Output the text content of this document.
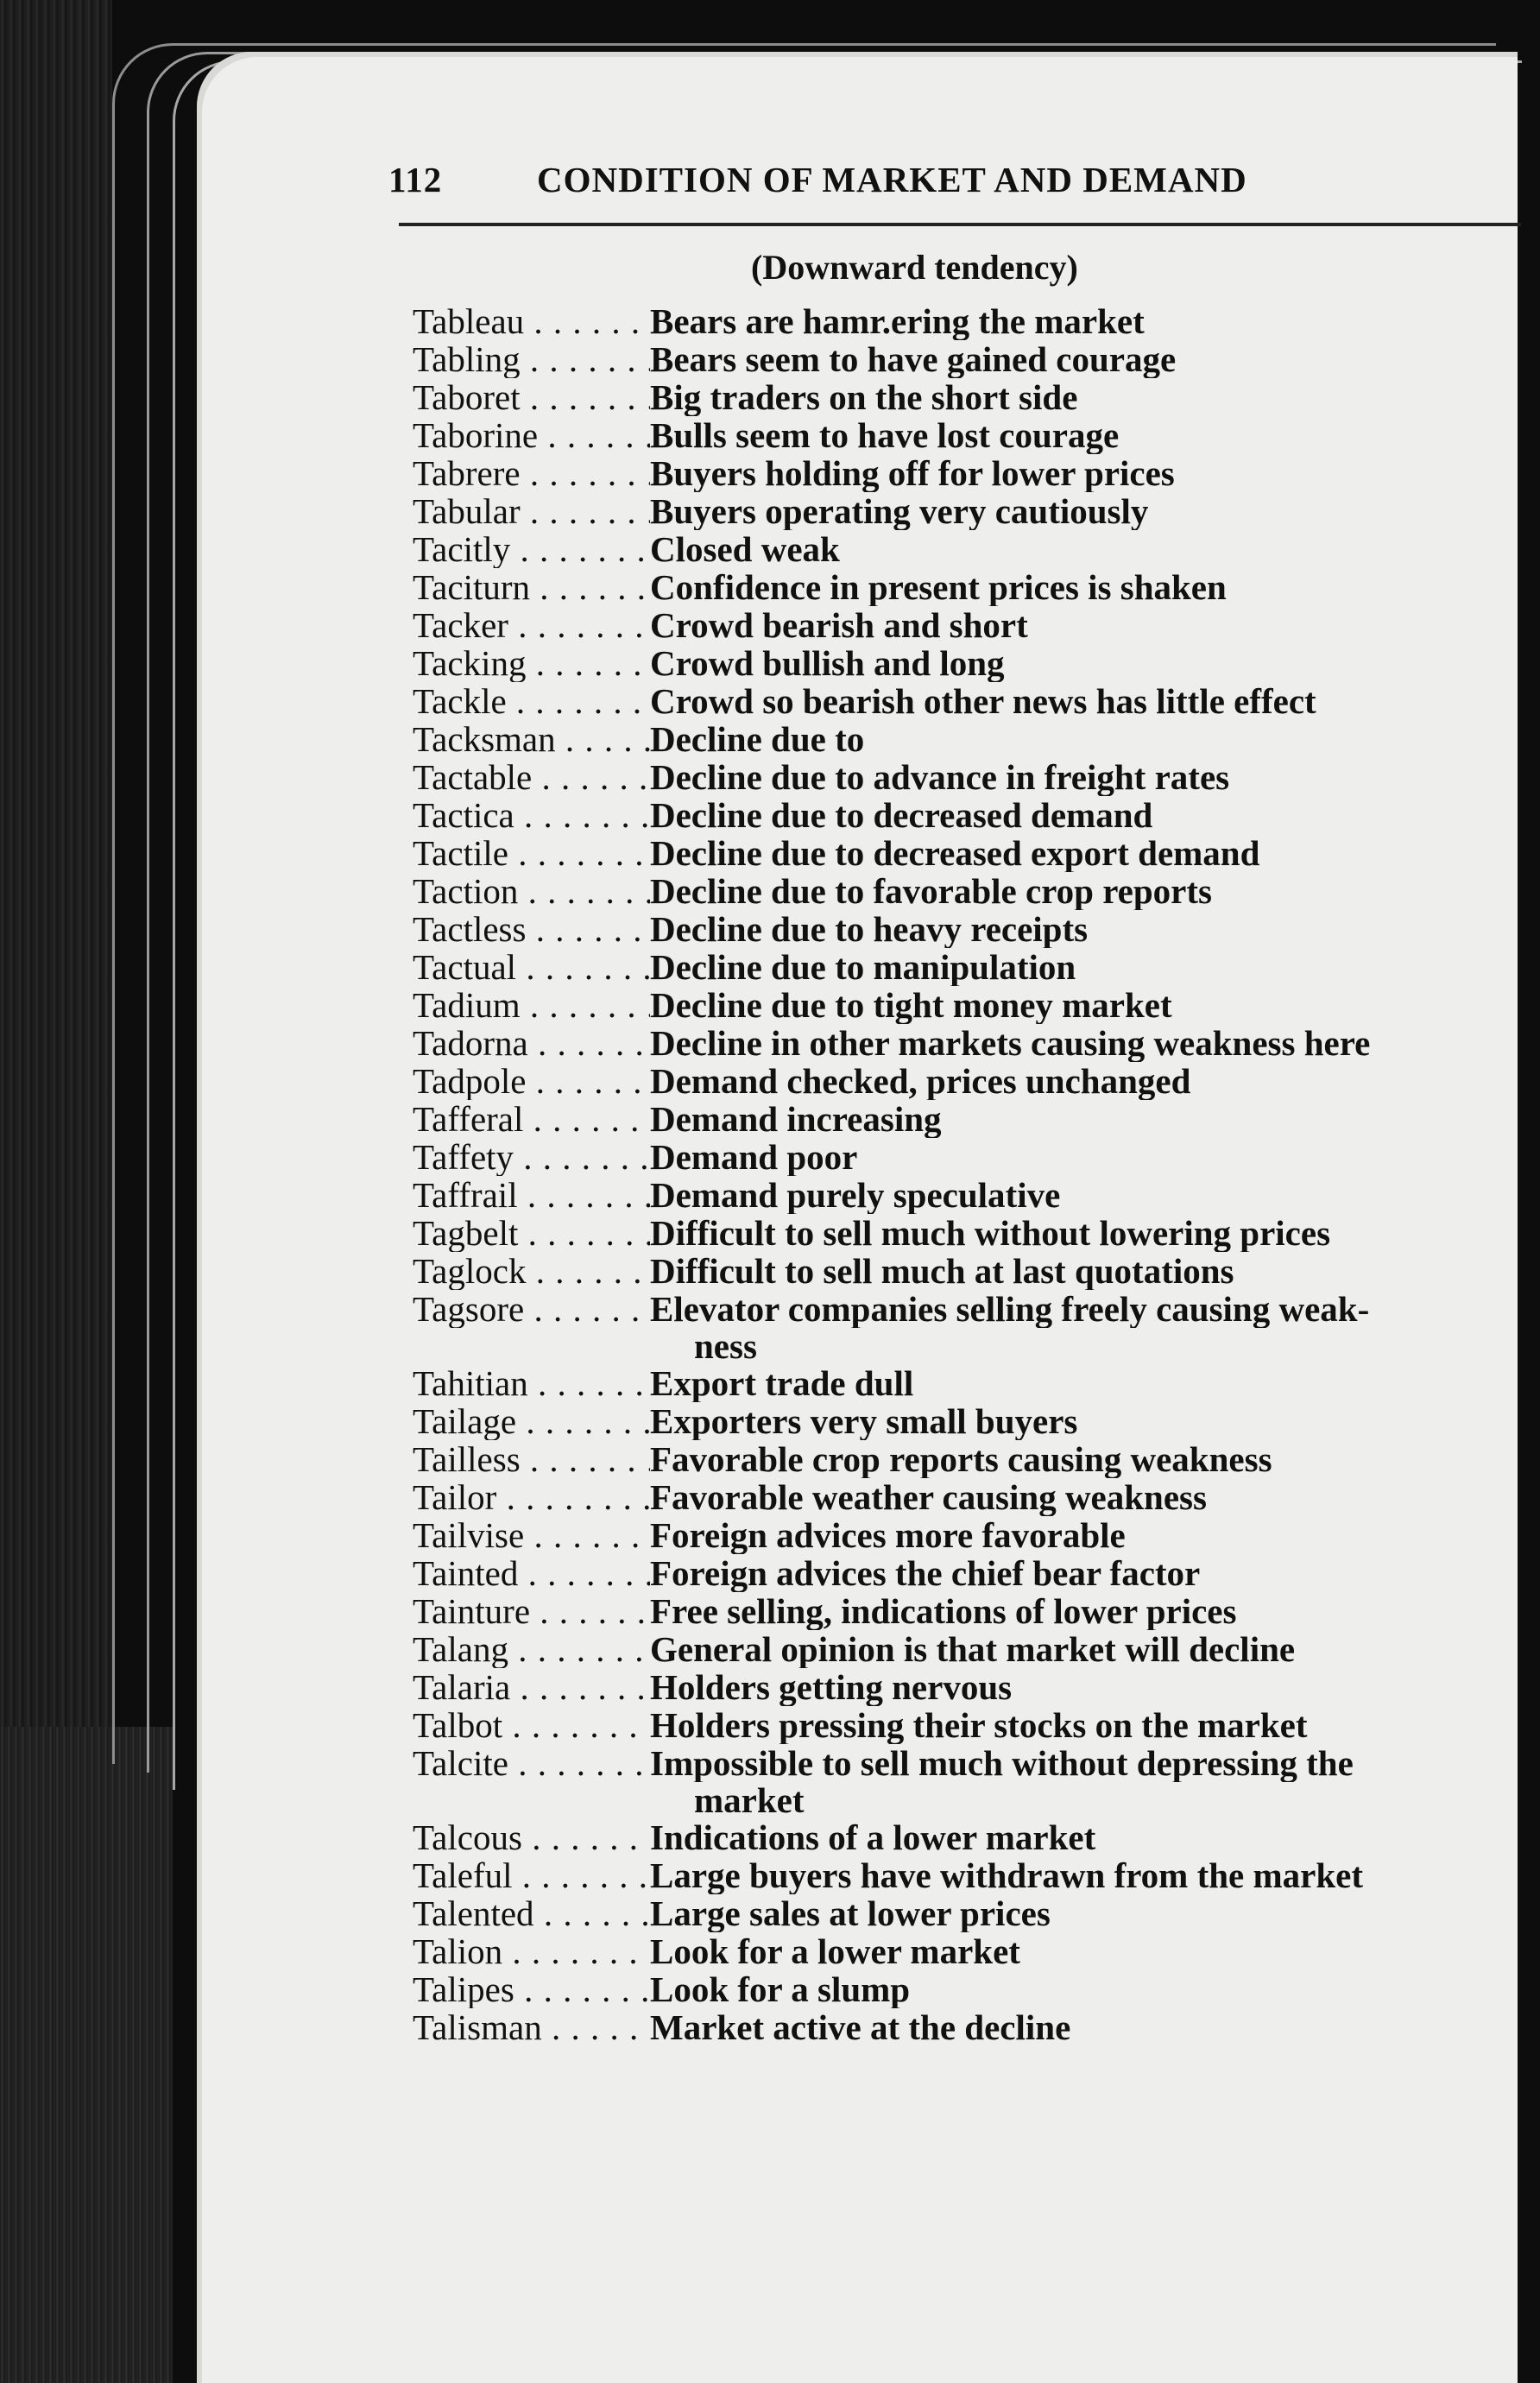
112	CONDITION OF MARKET AND DEMAND
(Downward tendency)
Tableau . . .	Bears are hamr.ering the market
Tabling . . .	Bears seem to have gained courage
Taboret . . .	Big traders on the short side
Taborine . . .	Bulls seem to have lost courage
Tabrere . . .	Buyers holding off for lower prices
Tabular . . .	Buyers operating very cautiously
Tacitly . . .	Closed weak
Taciturn . . .	Confidence in present prices is shaken
Tacker . . .	Crowd bearish and short
Tacking . . .	Crowd bullish and long
Tackle . . .	Crowd so bearish other news has little effect
Tacksman . . .	Decline due to
Tactable . . .	Decline due to advance in freight rates
Tactica . . .	Decline due to decreased demand
Tactile . . .	Decline due to decreased export demand
Taction . . .	Decline due to favorable crop reports
Tactless . . .	Decline due to heavy receipts
Tactual . . .	Decline due to manipulation
Tadium . . .	Decline due to tight money market
Tadorna . . .	Decline in other markets causing weakness here
Tadpole . . .	Demand checked, prices unchanged
Tafferal . . .	Demand increasing
Taffety . . .	Demand poor
Taffrail . . .	Demand purely speculative
Tagbelt . . .	Difficult to sell much without lowering prices
Taglock . . .	Difficult to sell much at last quotations
Tagsore . . .	Elevator companies selling freely causing weak-
ness
Tahitian . . .	Export trade dull
Tailage . . .	Exporters very small buyers
Tailless . . .	Favorable crop reports causing weakness
Tailor . . .	Favorable weather causing weakness
Tailvise . . .	Foreign advices more favorable
Tainted . . .	Foreign advices the chief bear factor
Tainture . . .	Free selling, indications of lower prices
Talang . . .	General opinion is that market will decline
Talaria . . .	Holders getting nervous
Talbot . . .	Holders pressing their stocks on the market
Talcite . . .	Impossible to sell much without depressing the
market
Talcous . . .	Indications of a lower market
Taleful . . .	Large buyers have withdrawn from the market
Talented . . .	Large sales at lower prices
Talion . . .	Look for a lower market
Talipes . . .	Look for a slump
Talisman . . .	Market active at the decline
